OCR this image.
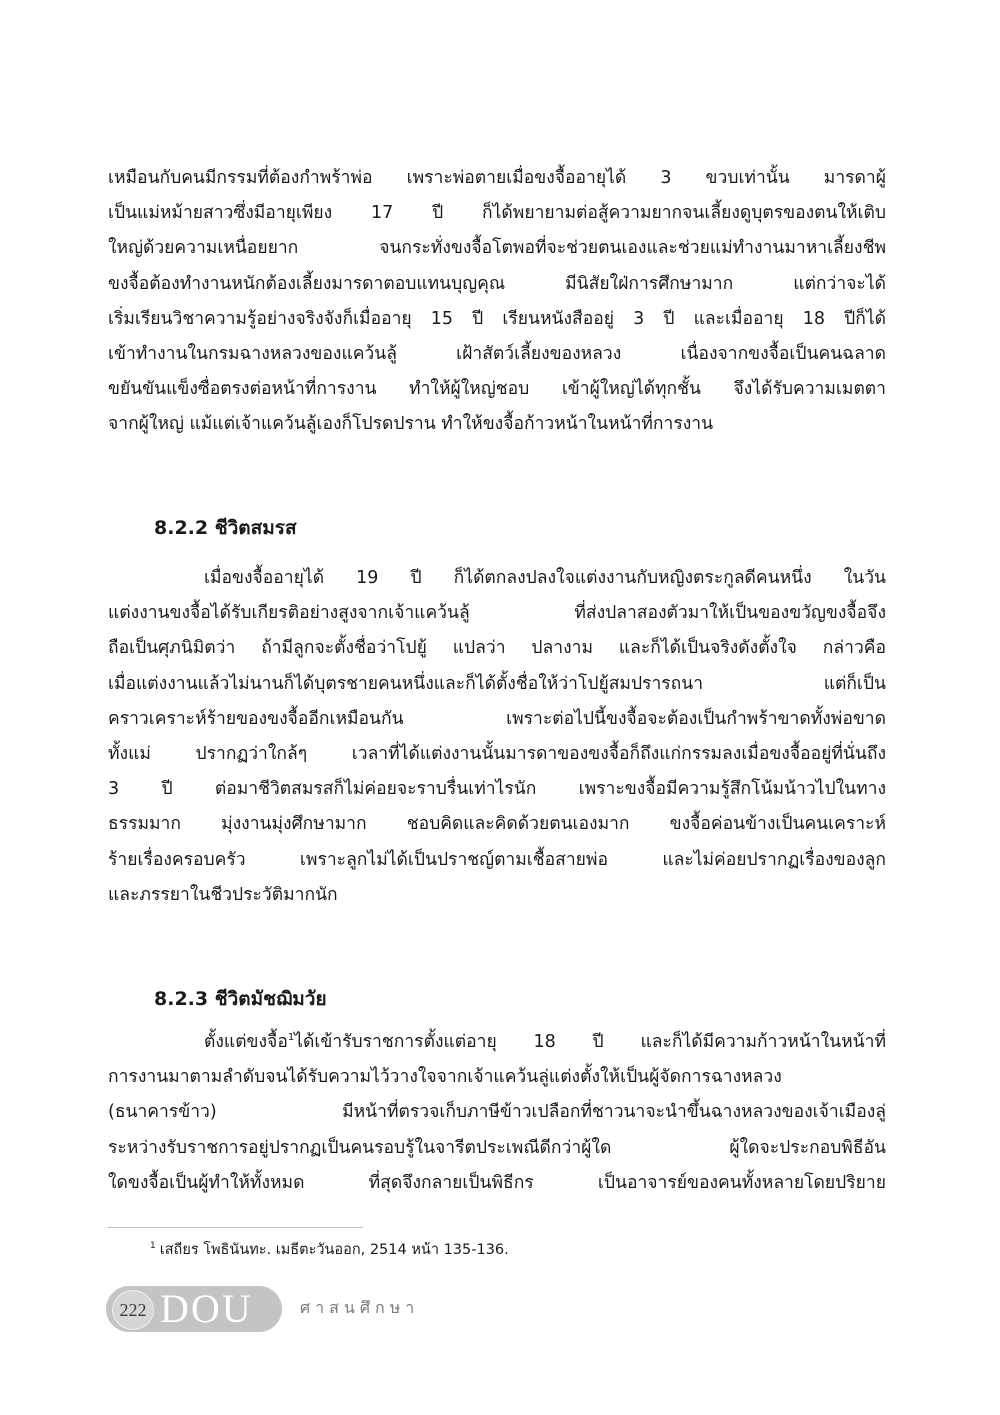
เหมือนกับคนมีกรรมที่ต้องกำพร้าพ่อ เพราะพ่อตายเมื่อขงจื้ออายุได้ 3 ขวบเท่านั้น มารดาผู้
เป็นแม่หม้ายสาวซึ่งมีอายุเพียง 17 ปี ก็ได้พยายามต่อสู้ความยากจนเลี้ยงดูบุตรของตนให้เติบ
ใหญ่ด้วยความเหนื่อยยาก จนกระทั่งขงจื้อโตพอที่จะช่วยตนเองและช่วยแม่ทำงานมาหาเลี้ยงชีพ
ขงจื้อต้องทำงานหนักต้องเลี้ยงมารดาตอบแทนบุญคุณ มีนิสัยใฝ่การศึกษามาก แต่กว่าจะได้
เริ่มเรียนวิชาความรู้อย่างจริงจังก็เมื่ออายุ 15 ปี เรียนหนังสืออยู่ 3 ปี และเมื่ออายุ 18 ปีก็ได้
เข้าทำงานในกรมฉางหลวงของแคว้นลู้ เฝ้าสัตว์เลี้ยงของหลวง เนื่องจากขงจื้อเป็นคนฉลาด
ขยันขันแข็งซื่อตรงต่อหน้าที่การงาน ทำให้ผู้ใหญ่ชอบ เข้าผู้ใหญ่ได้ทุกชั้น จึงได้รับความเมตตา
จากผู้ใหญ่ แม้แต่เจ้าแคว้นลู้เองก็โปรดปราน ทำให้ขงจื้อก้าวหน้าในหน้าที่การงาน
8.2.2 ชีวิตสมรส
เมื่อขงจื้ออายุได้ 19 ปี ก็ได้ตกลงปลงใจแต่งงานกับหญิงตระกูลดีคนหนึ่ง ในวัน
แต่งงานขงจื้อได้รับเกียรติอย่างสูงจากเจ้าแคว้นลู้ ที่ส่งปลาสองตัวมาให้เป็นของขวัญขงจื้อจึง
ถือเป็นศุภนิมิตว่า ถ้ามีลูกจะตั้งชื่อว่าโปยู้ แปลว่า ปลางาม และก็ได้เป็นจริงดังตั้งใจ กล่าวคือ
เมื่อแต่งงานแล้วไม่นานก็ได้บุตรชายคนหนึ่งและก็ได้ตั้งชื่อให้ว่าโปยู้สมปรารถนา แต่ก็เป็น
คราวเคราะห์ร้ายของขงจื้ออีกเหมือนกัน เพราะต่อไปนี้ขงจื้อจะต้องเป็นกำพร้าขาดทั้งพ่อขาด
ทั้งแม่ ปรากฏว่าใกล้ๆ เวลาที่ได้แต่งงานนั้นมารดาของขงจื้อก็ถึงแก่กรรมลงเมื่อขงจื้ออยู่ที่นั่นถึง
3 ปี ต่อมาชีวิตสมรสก็ไม่ค่อยจะราบรื่นเท่าไรนัก เพราะขงจื้อมีความรู้สึกโน้มน้าวไปในทาง
ธรรมมาก มุ่งงานมุ่งศึกษามาก ชอบคิดและคิดด้วยตนเองมาก ขงจื้อค่อนข้างเป็นคนเคราะห์
ร้ายเรื่องครอบครัว เพราะลูกไม่ได้เป็นปราชญ์ตามเชื้อสายพ่อ และไม่ค่อยปรากฏเรื่องของลูก
และภรรยาในชีวประวัติมากนัก
8.2.3 ชีวิตมัชฌิมวัย
ตั้งแต่ขงจื้อ$^1$ได้เข้ารับราชการตั้งแต่อายุ 18 ปี และก็ได้มีความก้าวหน้าในหน้าที่
การงานมาตามลำดับจนได้รับความไว้วางใจจากเจ้าแคว้นลู่แต่งตั้งให้เป็นผู้จัดการฉางหลวง
(ธนาคารข้าว) มีหน้าที่ตรวจเก็บภาษีข้าวเปลือกที่ชาวนาจะนำขึ้นฉางหลวงของเจ้าเมืองลู่
ระหว่างรับราชการอยู่ปรากฏเป็นคนรอบรู้ในจารีตประเพณีดีกว่าผู้ใด ผู้ใดจะประกอบพิธีอัน
ใดขงจื้อเป็นผู้ทำให้ทั้งหมด ที่สุดจึงกลายเป็นพิธีกร เป็นอาจารย์ของคนทั้งหลายโดยปริยาย
$^1$ เสถียร โพธินันทะ. เมธีตะวันออก, 2514 หน้า 135-136.
222 DOU	ศาสนศึกษา
